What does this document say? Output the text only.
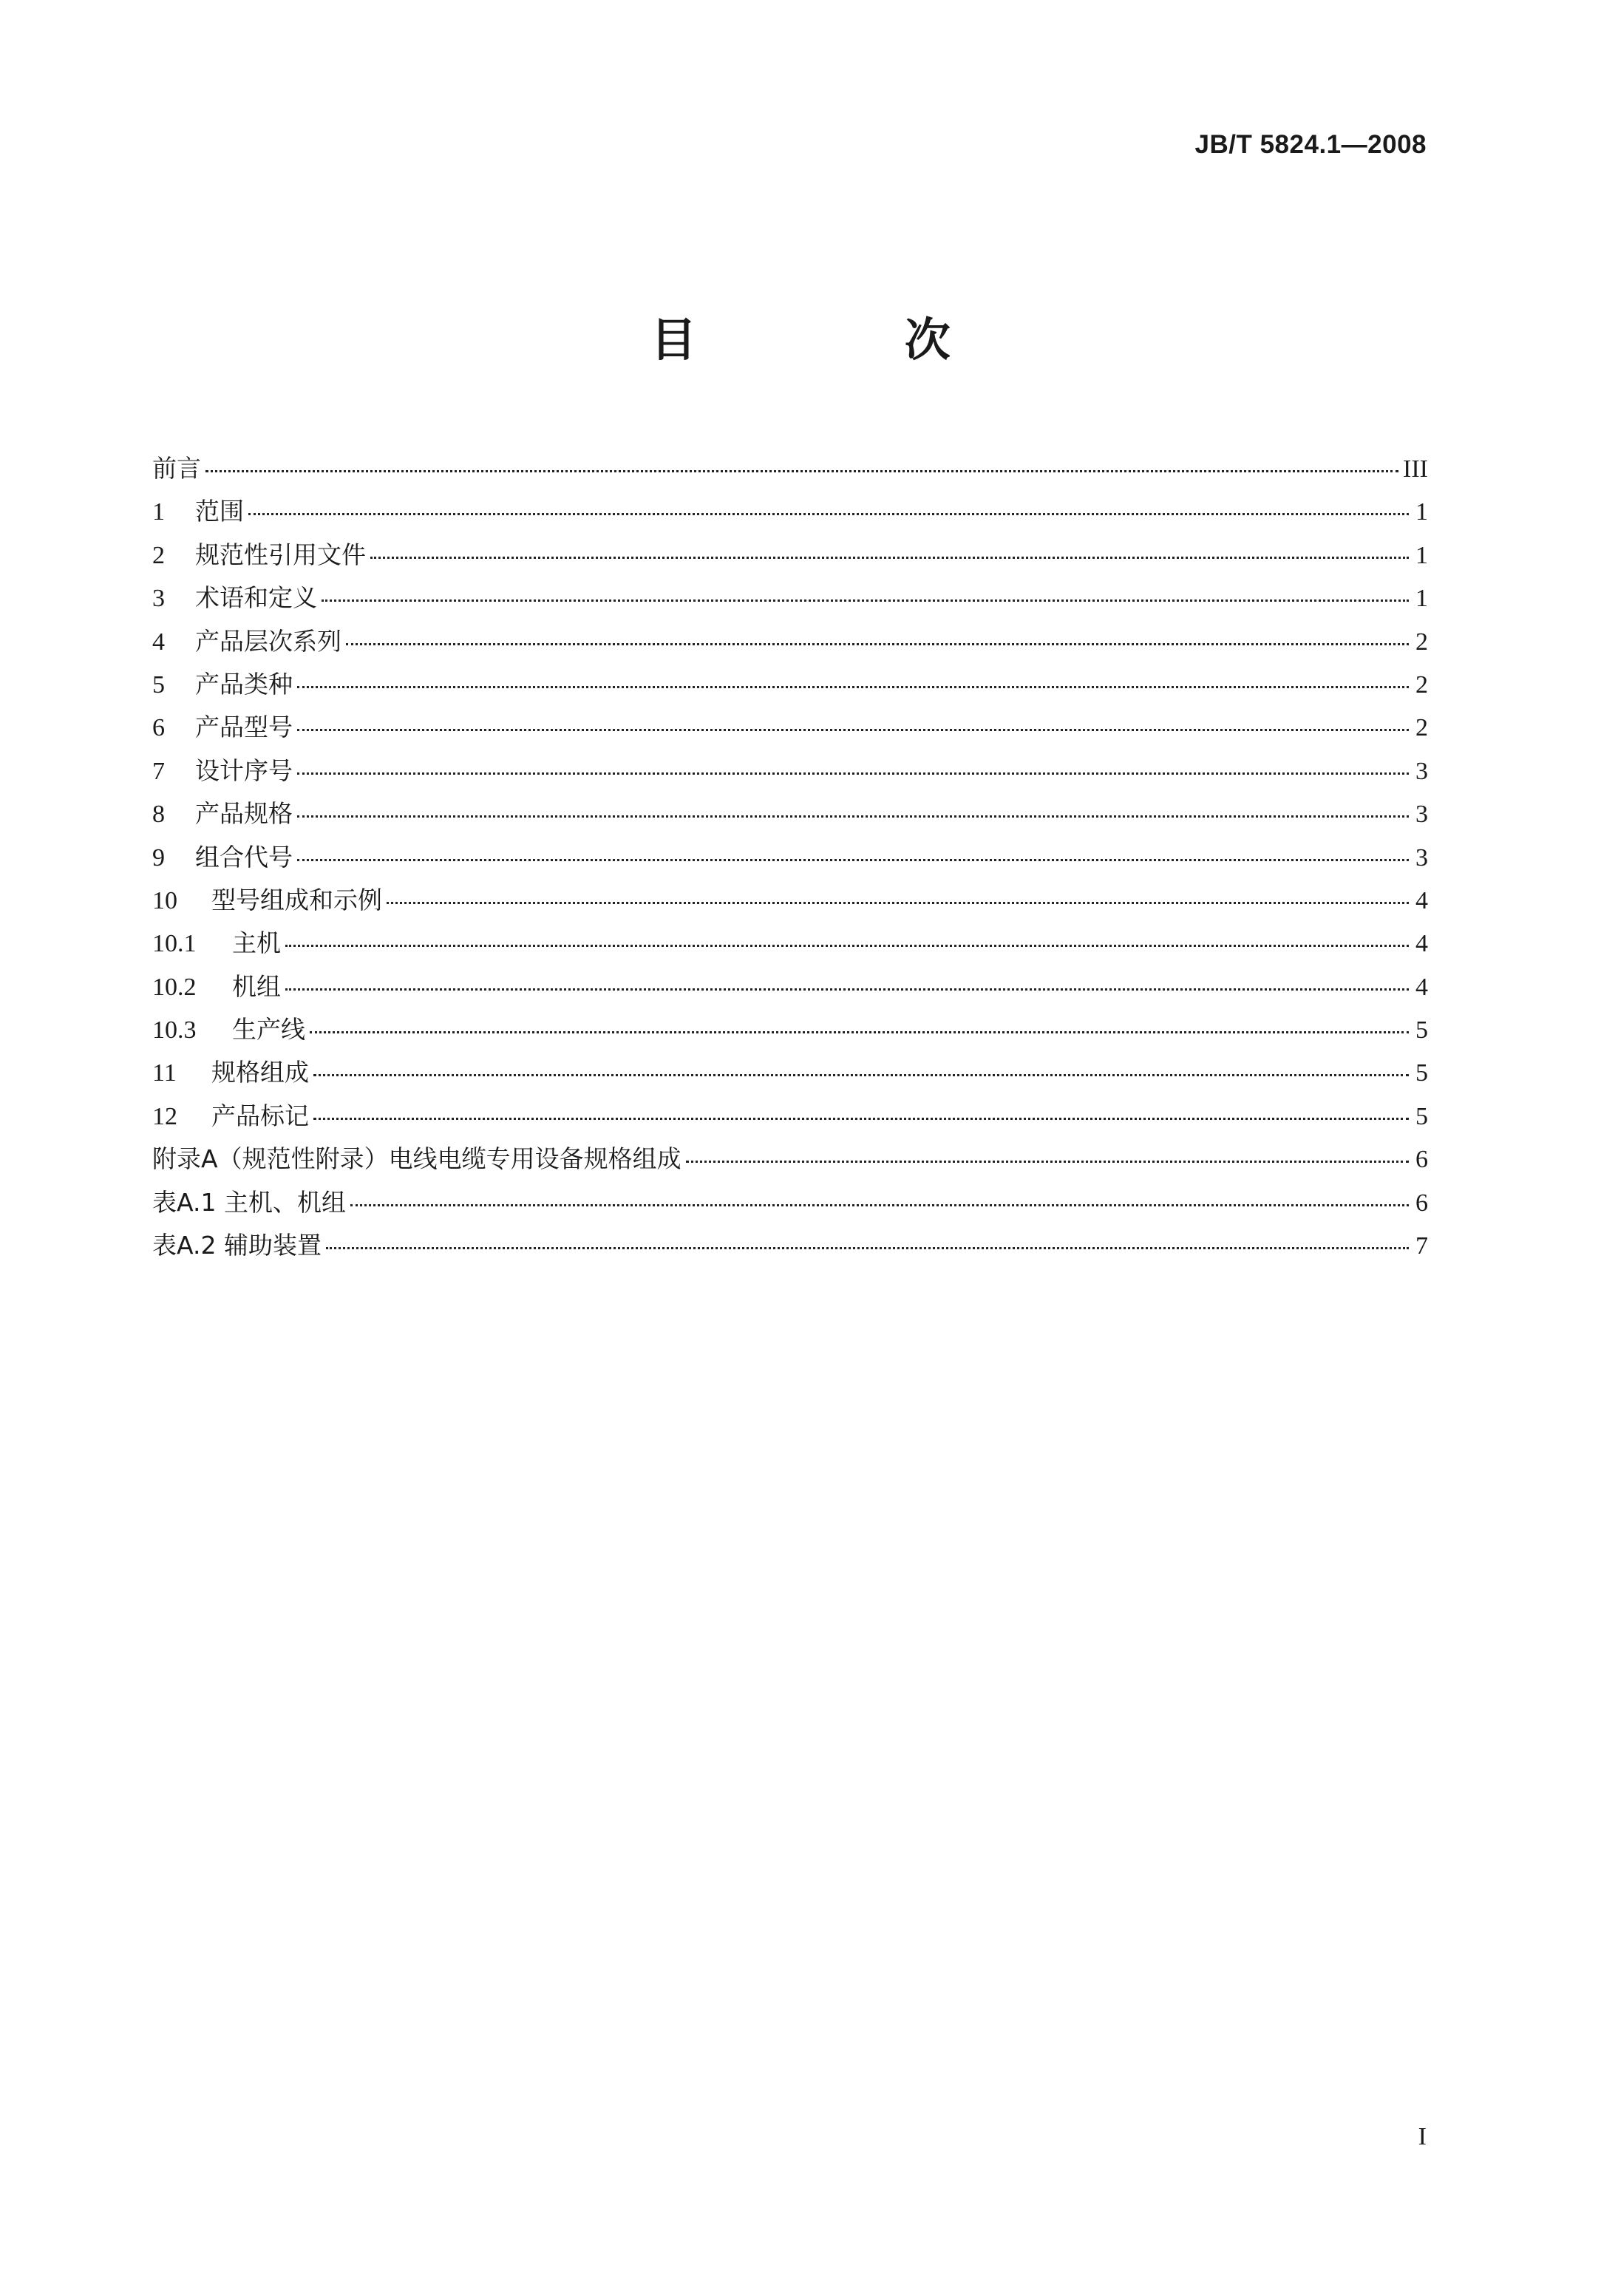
JB/T 5824.1—2008
目 次
前言	III
1	范围	1
2	规范性引用文件	1
3	术语和定义	1
4	产品层次系列	2
5	产品类种	2
6	产品型号	2
7	设计序号	3
8	产品规格	3
9	组合代号	3
10	型号组成和示例	4
10.1	主机	4
10.2	机组	4
10.3	生产线	5
11	规格组成	5
12	产品标记	5
附录A（规范性附录）电线电缆专用设备规格组成	6
表A.1 主机、机组	6
表A.2 辅助装置	7
I
